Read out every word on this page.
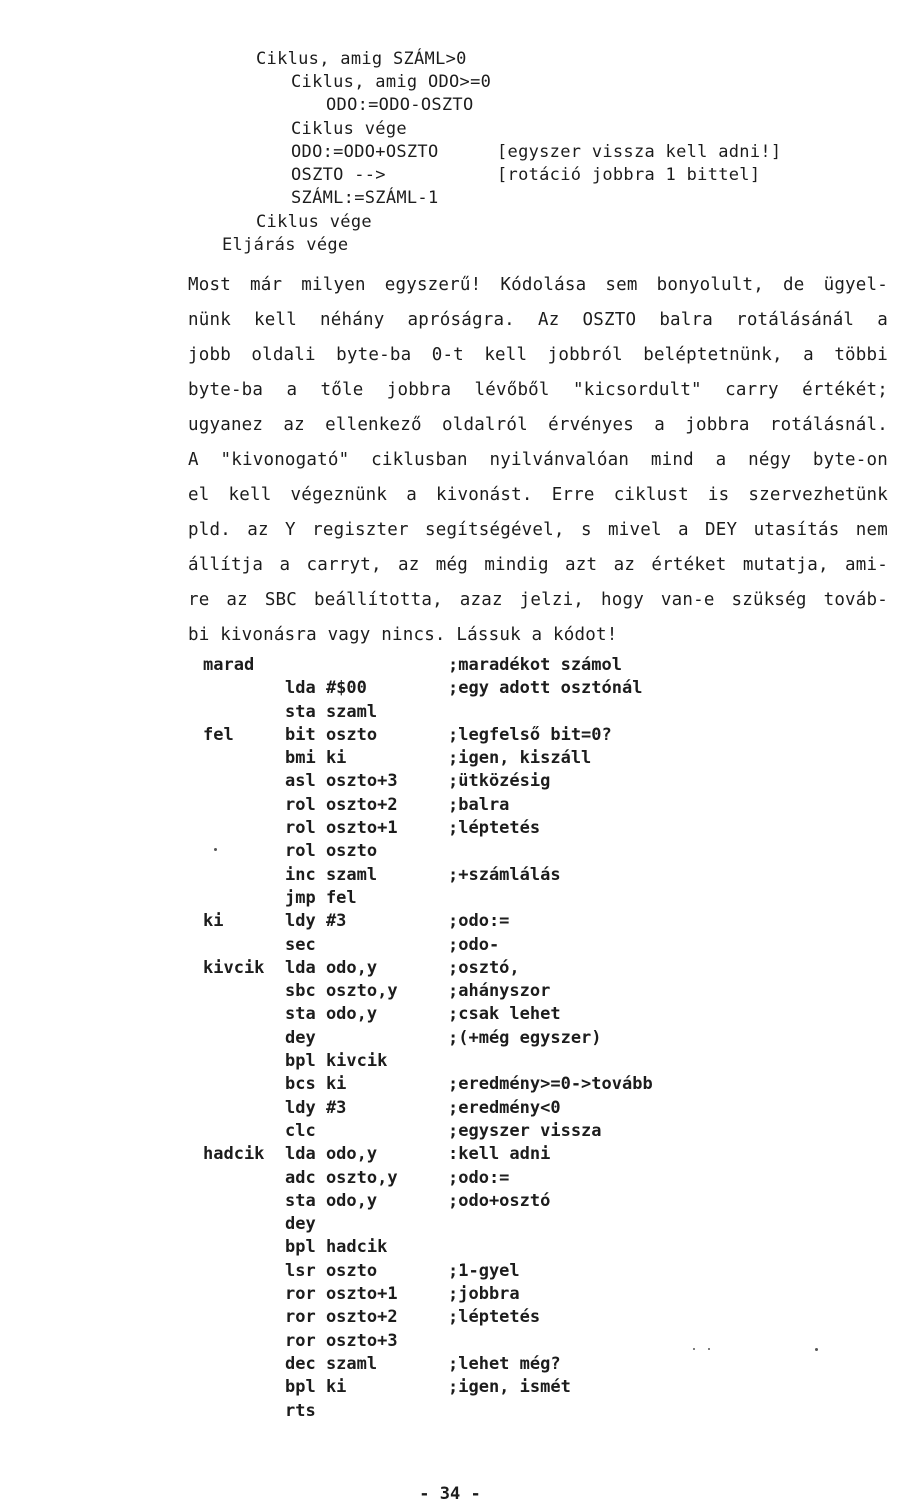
Ciklus, amig SZÁML>0
Ciklus, amig ODO>=0
ODO:=ODO-OSZTO
Ciklus vége
ODO:=ODO+OSZTO	[egyszer vissza kell adni!]
OSZTO -->	[rotáció jobbra 1 bittel]
SZÁML:=SZÁML-1
Ciklus vége
Eljárás vége
Most már milyen egyszerű! Kódolása sem bonyolult, de ügyel-
nünk kell néhány apróságra. Az OSZTO balra rotálásánál a
jobb oldali byte-ba 0-t kell jobbról beléptetnünk, a többi
byte-ba a tőle jobbra lévőből "kicsordult" carry értékét;
ugyanez az ellenkező oldalról érvényes a jobbra rotálásnál.
A "kivonogató" ciklusban nyilvánvalóan mind a négy byte-on
el kell végeznünk a kivonást. Erre ciklust is szervezhetünk
pld. az Y regiszter segítségével, s mivel a DEY utasítás nem
állítja a carryt, az még mindig azt az értéket mutatja, ami-
re az SBC beállította, azaz jelzi, hogy van-e szükség továb-
bi kivonásra vagy nincs. Lássuk a kódot!
marad	;maradékot számol
lda #$00	;egy adott osztónál
sta szaml
fel	bit oszto	;legfelső bit=0?
bmi ki	;igen, kiszáll
asl oszto+3	;ütközésig
rol oszto+2	;balra
rol oszto+1	;léptetés
rol oszto
inc szaml	;+számlálás
jmp fel
ki	ldy #3	;odo:=
sec	;odo-
kivcik lda odo,y	;osztó,
sbc oszto,y	;ahányszor
sta odo,y	;csak lehet
dey	;(+még egyszer)
bpl kivcik
bcs ki	;eredmény>=0->tovább
ldy #3	;eredmény<0
clc	;egyszer vissza
hadcik lda odo,y	:kell adni
adc oszto,y	;odo:=
sta odo,y	;odo+osztó
dey
bpl hadcik
lsr oszto	;1-gyel
ror oszto+1	;jobbra
ror oszto+2	;léptetés
ror oszto+3
dec szaml	;lehet még?
bpl ki	;igen, ismét
rts
- 34 -
